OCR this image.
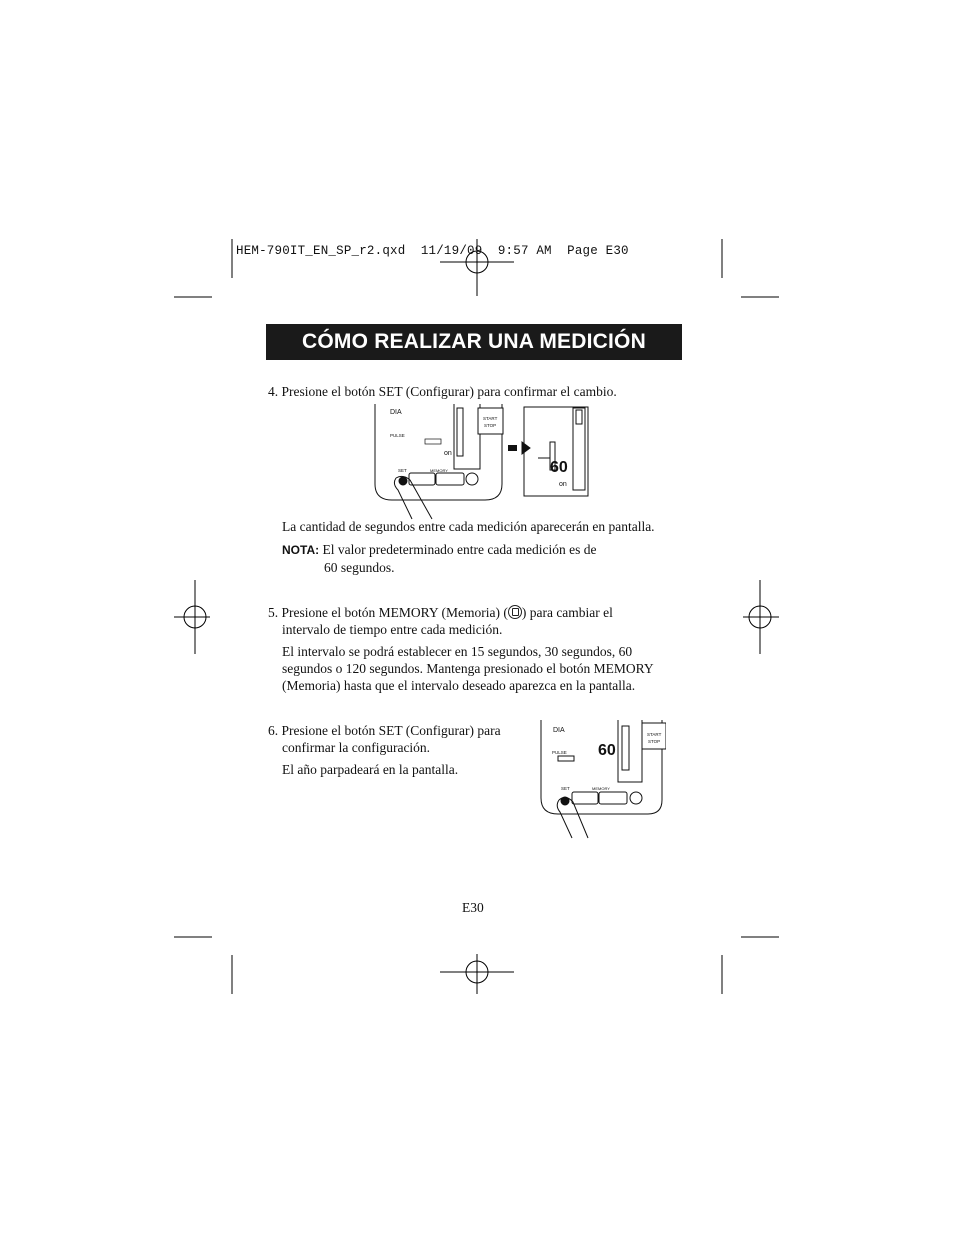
HEM-790IT_EN_SP_r2.qxd  11/19/09  9:57 AM  Page E30
CÓMO REALIZAR UNA MEDICIÓN
4. Presione el botón SET (Configurar) para confirmar el cambio.
DIA
PULSE
on
START
STOP
SET	MEMORY	60
on
La cantidad de segundos entre cada medición aparecerán en pantalla.
NOTA: El valor predeterminado entre cada medición es de
60 segundos.
5. Presione el botón MEMORY (Memoria) ( ) para cambiar el
intervalo de tiempo entre cada medición.
El intervalo se podrá establecer en 15 segundos, 30 segundos, 60
segundos o 120 segundos. Mantenga presionado el botón MEMORY
(Memoria) hasta que el intervalo deseado aparezca en la pantalla.
6. Presione el botón SET (Configurar) para
confirmar la configuración.
El año parpadeará en la pantalla.
DIA
PULSE 60
START
STOP
SET	MEMORY
E30
